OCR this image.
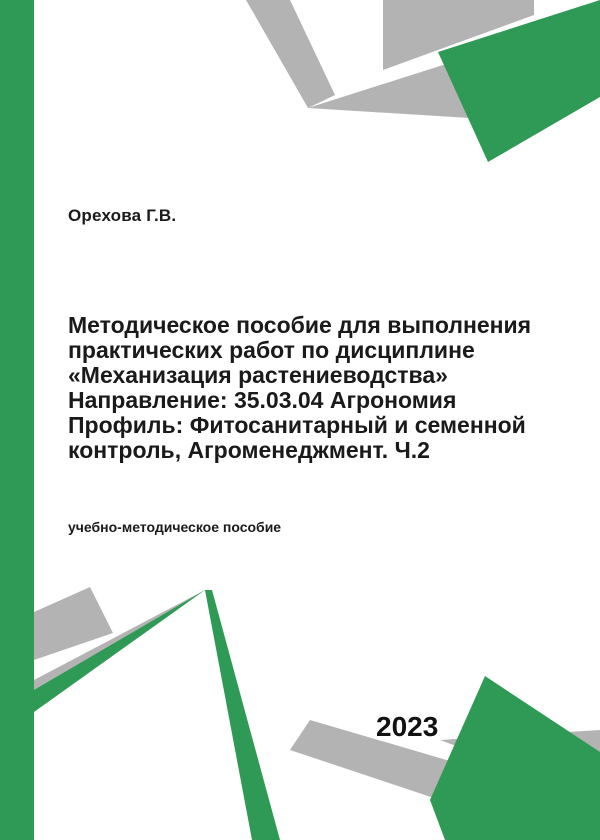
Орехова Г.В.

Методическое пособие для выполнения
практических работ по дисциплине
«Механизация растениеводства»
Направление: 35.03.04 Агрономия
Профиль: Фитосанитарный и семенной
контроль, Агроменеджмент. Ч.2

учебно-методическое пособие
2023
